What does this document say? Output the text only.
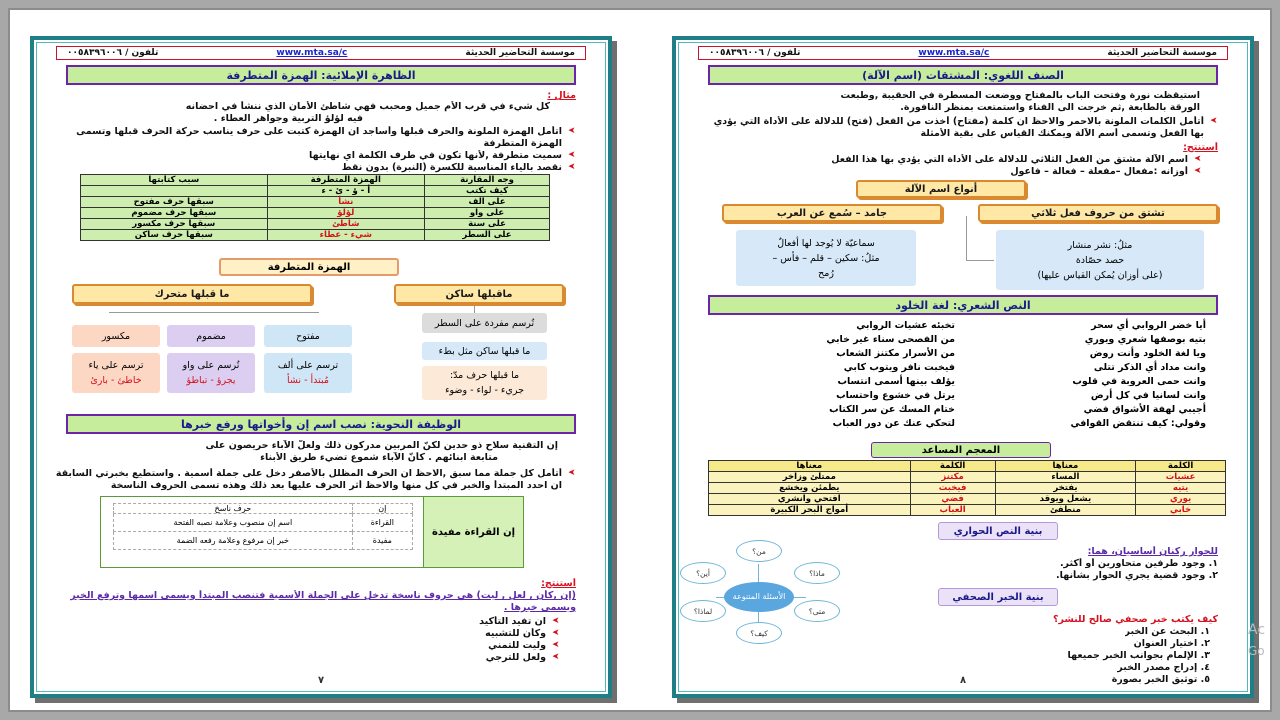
موسسة التحاضير الحديثة
www.mta.sa/c
تلفون / ٠٠٥٨٣٩٦٠٠٦
الظاهرة الإملائية: الهمزة المتطرفة
مثال :
كل شيء في قرب الأم جميل ومحبب فهي شاطئ الأمان الذي ننشأ في احضانه
فيه لؤلؤ التربية وجواهر العطاء .
➤ اتأمل الهمزة الملونة والحرف قبلها وأساجد ان الهمزة كتبت على حرف يناسب حركة الحرف قبلها وتسمى
الهمزة المتطرفة
➤ سميت متطرفة ,لأنها تكون في طرف الكلمة اي نهايتها
➤ نقصد بالياء المناسبة للكسرة (النبرة) بدون نقط
وجه المقارنة	الهمزة المتطرفة	سبب كتابتها
كيف تكتب	أ - ؤ - ئ - ء	
على الف	نشأ	سبقها حرف مفتوح
على واو	لؤلؤ	سبقها حرف مضموم
على سنة	شاطئ	سبقها حرف مكسور
على السطر	شيء - عطاء	سبقها حرف ساكن
الهمزة المتطرفة
ماقبلها ساكن
ما قبلها متحرك
مفتوح
مضموم
مكسور
ترسم على ألف
مُبتدأ - نشأ
تُرسم على واو
يجرؤ - تباطؤ
ترسم على ياء
خاطئ - بارئ
تُرسم مفردة على السطر
ما قبلها ساكن مثل بطء
ما قبلها حرف مدّ:
جريء - لواء - وضوء
الوظيفة النحوية: نصب اسم إن وأخواتها ورفع خبرها
إن التقنية سلاح ذو حدين لكنّ المربين مدركون ذلك ولعلّ الآباء حريصون على
متابعة ابنائهم . كأنّ الآباء شموع تضيء طريق الأبناء
➤ أتأمل كل جملة مما سبق ,الاحظ ان الحرف المظلل بالأصفر دخل على جملة أسمية . واستطيع بخبرتي السابقة
ان احدد المبتدأ والخبر في كل منها والاحظ أثر الحرف عليها بعد ذلك وهذه تسمى الحروف الناسخة
إن القراءة مفيدة
إن	حرف ناسخ
القراءة	اسم إن منصوب وعلامة نصبه الفتحة
مفيدة	خبر إن مرفوع وعلامة رفعه الضمة
أستنتج:
(إن ,كأن , لعل , ليت) هي حروف ناسخة تدخل على الجملة الأسمية فتنصب المبتدأ ويسمى اسمها وترفع الخبر
ويسمى خبرها .
➤ ان تفيد التأكيد
➤ وكأن للتشبيه
➤ وليت للتمني
➤ ولعل للترجي
٧
موسسة التحاضير الحديثة
www.mta.sa/c
تلفون / ٠٠٥٨٣٩٦٠٠٦
الصنف اللغوي: المشتقات (اسم الآلة)
استيقظت نورة وفتحت الباب بالمفتاح ووضعت المسطرة في الحقيبة ,وطبعت
الورقة بالطابعة ,ثم خرجت الى الفناء واستمتعت بمنظر النافورة.
➤ أتأمل الكلمات الملونة بالاحمر والاحظ ان كلمة (مفتاح) أخذت من الفعل (فتح) للدلالة على الأداة التي يؤدي
بها الفعل وتسمى أسم الآلة ويمكنك القياس على بقية الأمثلة
أستنتج:
➤ اسم الآلة مشتق من الفعل الثلاثي للدلالة على الأداة التي يؤدي بها هذا الفعل
➤ أوزانه :مفعال –مفعلة – فعالة – فاعول
أنواع اسم الآلة
تشتق من حروف فعل ثلاثي
جامد – سُمع عن العرب
مثلُ: نشر منشار
حصد حصّادة
(على أوزان يُمكن القياس عليها)
سماعيّة لا يُوجد لها أفعالٌ
مثلُ: سكين – قلم – فأس –
رُمح
النص الشعري: لغة الخلود
أيا خضر الروابي أي سحر	تخبئه عشيات الروابي
بتيه بوصفها شعري ويوري	من الفصحى سناء غير خابي
ويا لغة الخلود وأنت روض	من الأسرار مكتنز الشعاب
وانت مداد أي الذكر تتلى	فيخبت نافر ويتوب كابي
وانت حمى العروبة في قلوب	يؤلف بينها أسمى انتساب
وانت لسانيا في كل أرض	يرتل في خشوع واحتساب
أجيبي لهفة الأشواق فضي	ختام المسك عن سر الكتاب
وقولي: كيف تنتقض القوافي	لتحكي عنك عن دور العباب
المعجم المساعد
الكلمة	معناها	الكلمة	معناها
عشيات	المساء	مكتنز	ممتلئ وزاخر
يتيه	يفتخر	فيخبت	يطمئن ويخشع
يوري	يشعل ويوقد	فضي	افتحي وانشري
خابي	منطفئ	العباب	أمواج البحر الكبيرة
بنية النص الحواري
للحوار ركنان أساسيان، هما:
١. وجود طرفين متحاورين أو أكثر.
٢. وجود قضية يجري الحوار بشأنها.
بنية الخبر الصحفي
كيف يكتب خبر صحفي صالح للنشر؟
١. البحث عن الخبر
٢. اختيار العنوان
٣. الإلمام بجوانب الخبر جميعها
٤. إدراج مصدر الخبر
٥. توثيق الخبر بصورة
الأسئلة المتنوعة
من؟
ماذا؟
متى؟
كيف؟
لماذا؟
أين؟
٨
Ac
Go
